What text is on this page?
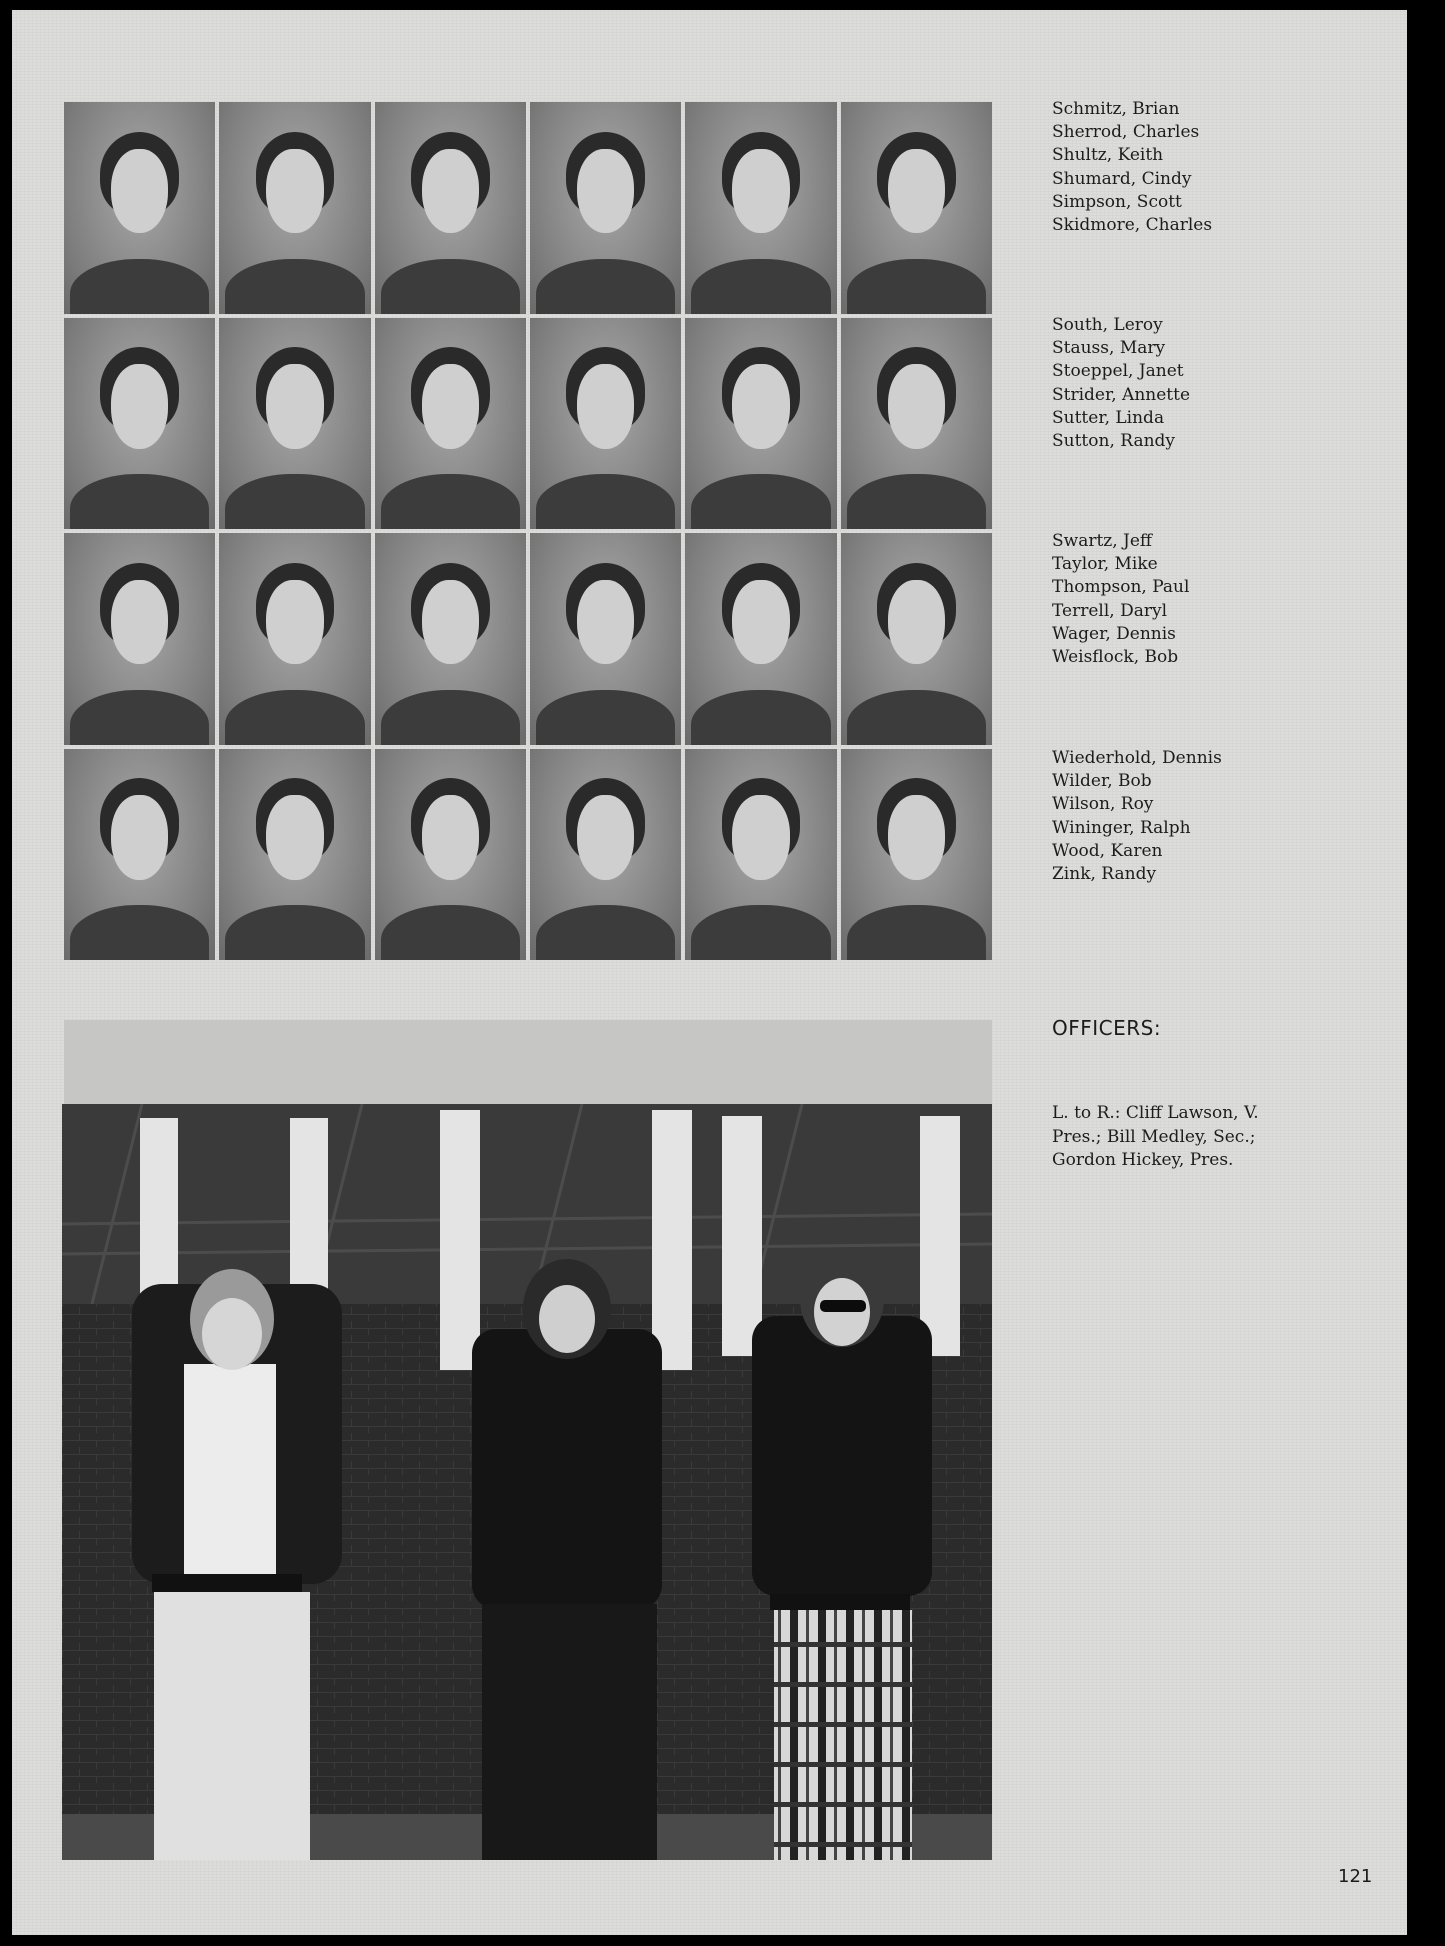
Schmitz, Brian
Sherrod, Charles
Shultz, Keith
Shumard, Cindy
Simpson, Scott
Skidmore, Charles
South, Leroy
Stauss, Mary
Stoeppel, Janet
Strider, Annette
Sutter, Linda
Sutton, Randy
Swartz, Jeff
Taylor, Mike
Thompson, Paul
Terrell, Daryl
Wager, Dennis
Weisflock, Bob
Wiederhold, Dennis
Wilder, Bob
Wilson, Roy
Wininger, Ralph
Wood, Karen
Zink, Randy
OFFICERS:
L. to R.: Cliff Lawson, V. Pres.; Bill Medley, Sec.; Gordon Hickey, Pres.
121
